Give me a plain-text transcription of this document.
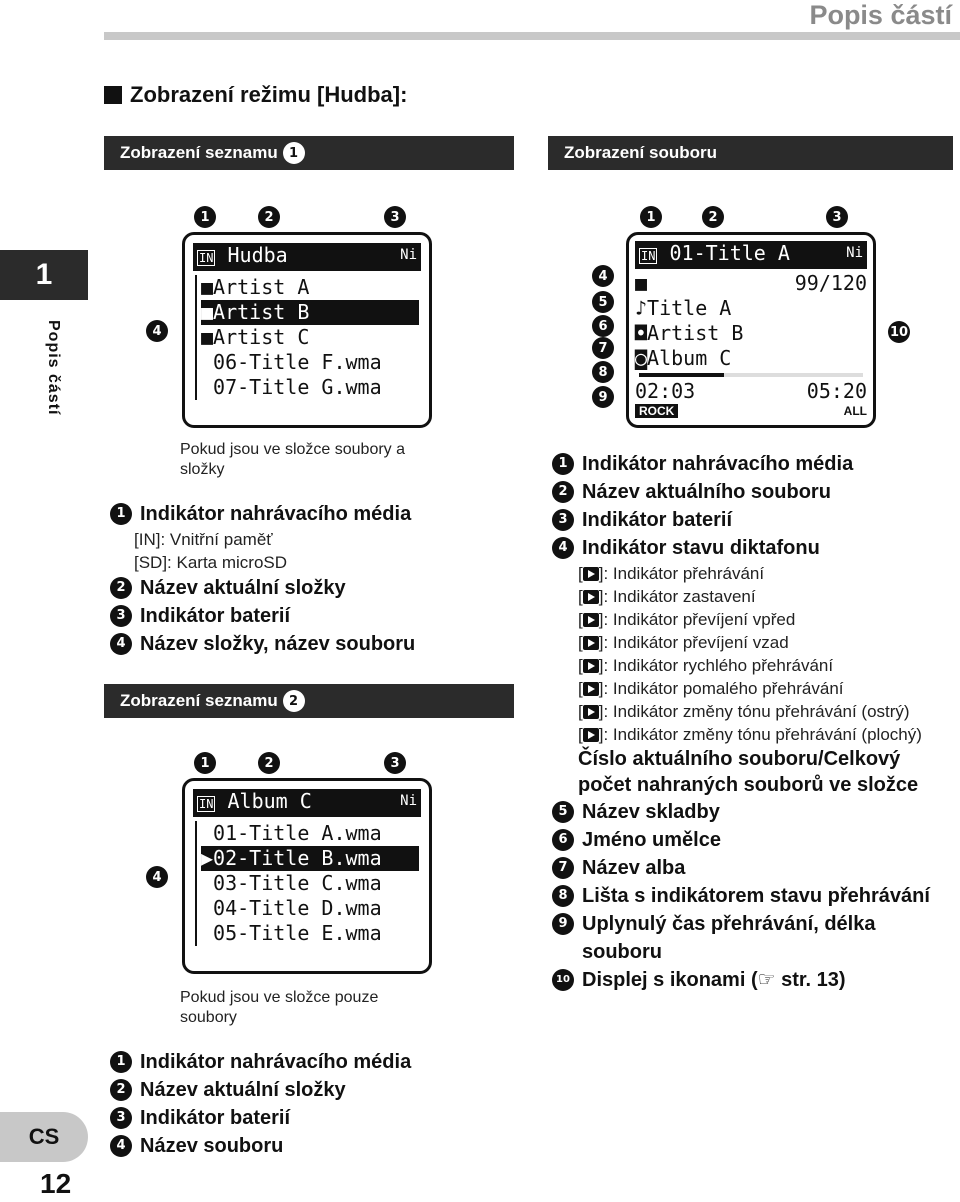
Popis částí
1
Popis částí
CS
12
Zobrazení režimu [Hudba]:
Zobrazení seznamu
1	Zobrazení souboru
Zobrazení seznamu
2
1	2	3
4
IN Hudba	Ni
■Artist A
■Artist B
■Artist C
06-Title F.wma
07-Title G.wma
Pokud jsou ve složce soubory a složky
1 Indikátor nahrávacího média
[IN]: Vnitřní paměť
[SD]: Karta microSD
2 Název aktuální složky
3 Indikátor baterií
4 Název složky, název souboru
1	2	3
4
IN Album C	Ni
01-Title A.wma
▶02-Title B.wma
03-Title C.wma
04-Title D.wma
05-Title E.wma
Pokud jsou ve složce pouze soubory
1 Indikátor nahrávacího média
2 Název aktuální složky
3 Indikátor baterií
4 Název souboru
1	2	3
4
5
6
7
8
9
10
IN 01-Title A	Ni
■	99/120
♪Title A
◘Artist B
◙Album C
02:03	05:20
ROCK	ALL
1 Indikátor nahrávacího média
2 Název aktuálního souboru
3 Indikátor baterií
4 Indikátor stavu diktafonu
[ ]: Indikátor přehrávání
[ ]: Indikátor zastavení
[ ]: Indikátor převíjení vpřed
[ ]: Indikátor převíjení vzad
[ ]: Indikátor rychlého přehrávání
[ ]: Indikátor pomalého přehrávání
[ ]: Indikátor změny tónu přehrávání (ostrý)
[ ]: Indikátor změny tónu přehrávání (plochý)
Číslo aktuálního souboru/Celkový počet nahraných souborů ve složce
5 Název skladby
6 Jméno umělce
7 Název alba
8 Lišta s indikátorem stavu přehrávání
9 Uplynulý čas přehrávání, délka souboru
10 Displej s ikonami (☞ str. 13)
